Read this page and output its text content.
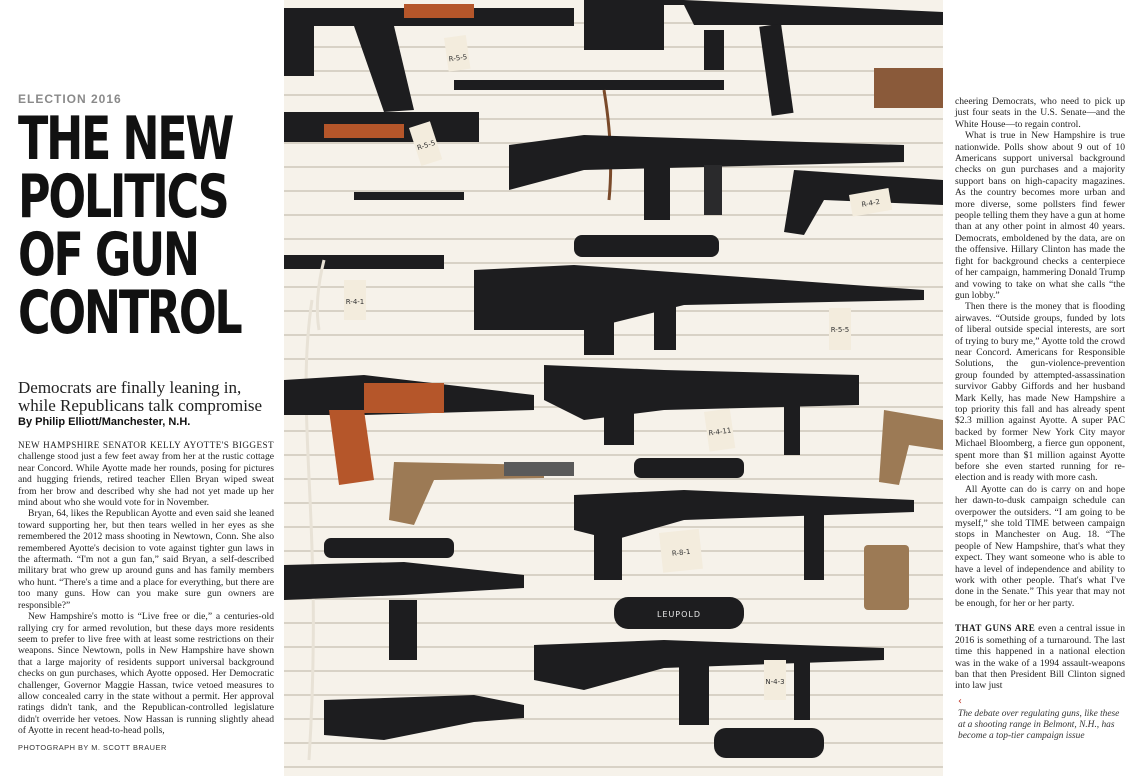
ELECTION 2016
THE NEW
POLITICS
OF GUN
CONTROL
Democrats are finally leaning in, while Republicans talk compromise
By Philip Elliott/Manchester, N.H.

NEW HAMPSHIRE SENATOR KELLY AYOTTE'S BIGGEST challenge stood just a few feet away from her at the rustic cottage near Concord. While Ayotte made her rounds, posing for pictures and hugging friends, retired teacher Ellen Bryan wiped sweat from her brow and described why she had not yet made up her mind about who she would vote for in November.

Bryan, 64, likes the Republican Ayotte and even said she leaned toward supporting her, but then tears welled in her eyes as she remembered the 2012 mass shooting in Newtown, Conn. She also remembered Ayotte's decision to vote against tighter gun laws in the aftermath. “I'm not a gun fan,” said Bryan, a self-described military brat who grew up around guns and has family members who hunt. “There's a time and a place for everything, but there are too many guns. How can you make sure gun owners are responsible?”

New Hampshire's motto is “Live free or die,” a centuries-old rallying cry for armed revolution, but these days more residents seem to prefer to live free with at least some restrictions on their weapons. Since Newtown, polls in New Hampshire have shown that a large majority of residents support universal background checks on gun purchases, which Ayotte opposed. Her Democratic challenger, Governor Maggie Hassan, twice vetoed measures to allow concealed carry in the state without a permit. Her approval ratings didn't tank, and the Republican-controlled legislature didn't override her vetoes. Now Hassan is running slightly ahead of Ayotte in recent head-to-head polls,

PHOTOGRAPH BY M. SCOTT BRAUER
R-5-5
R-5-5
R-4-2
R-4-1
R-5-5
R-4-11
N-4-3
R-8-1
LEUPOLD

cheering Democrats, who need to pick up just four seats in the U.S. Senate—and the White House—to regain control.

What is true in New Hampshire is true nationwide. Polls show about 9 out of 10 Americans support universal background checks on gun purchases and a majority support bans on high-capacity magazines. As the country becomes more urban and more diverse, some pollsters find fewer people telling them they have a gun at home than at any other point in almost 40 years. Democrats, emboldened by the data, are on the offensive. Hillary Clinton has made the fight for background checks a centerpiece of her campaign, hammering Donald Trump and vowing to take on what she calls “the gun lobby.”

Then there is the money that is flooding airwaves. “Outside groups, funded by lots of liberal outside special interests, are sort of trying to bury me,” Ayotte told the crowd near Concord. Americans for Responsible Solutions, the gun-violence-prevention group founded by attempted-assassination survivor Gabby Giffords and her husband Mark Kelly, has made New Hampshire a top priority this fall and has already spent $2.3 million against Ayotte. A super PAC backed by former New York City mayor Michael Bloomberg, a fierce gun opponent, spent more than $1 million against Ayotte before she even started running for re-election and is ready with more cash.

All Ayotte can do is carry on and hope her dawn-to-dusk campaign schedule can overpower the outsiders. “I am going to be myself,” she told TIME between campaign stops in Manchester on Aug. 18. “The people of New Hampshire, that's what they expect. They want someone who is able to have a level of independence and ability to work with other people. That's what I've done in the Senate.” This year that may not be enough, for her or her party.

THAT GUNS ARE even a central issue in 2016 is something of a turnaround. The last time this happened in a national election was in the wake of a 1994 assault-weapons ban that then President Bill Clinton signed into law just

‹
The debate over regulating guns, like these at a shooting range in Belmont, N.H., has become a top-tier campaign issue
